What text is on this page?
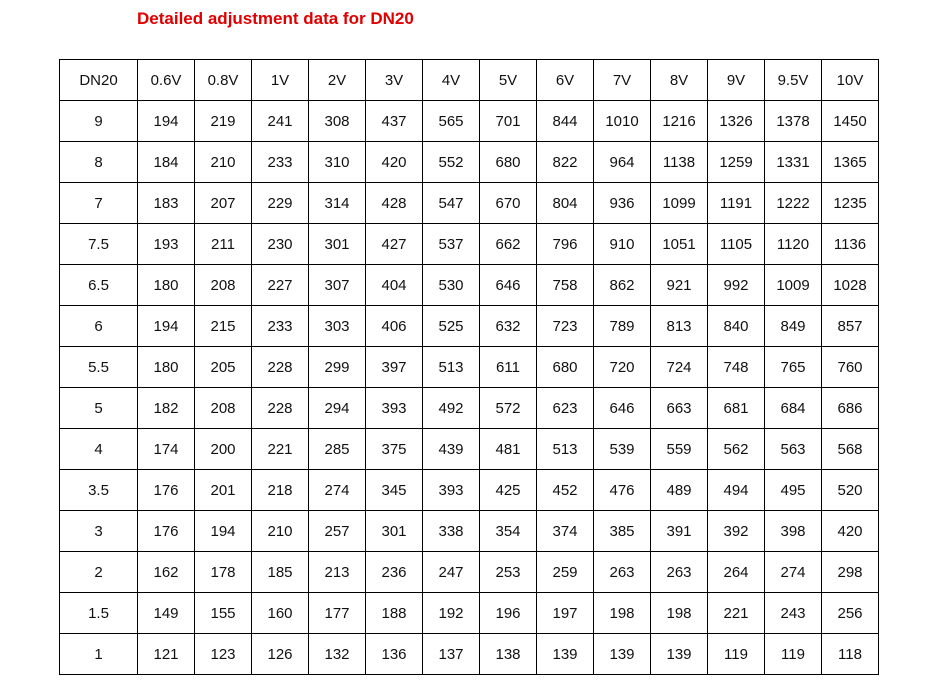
Detailed adjustment data for DN20
DN20	0.6V	0.8V	1V	2V	3V	4V	5V	6V	7V	8V	9V	9.5V	10V
9	194	219	241	308	437	565	701	844	1010	1216	1326	1378	1450
8	184	210	233	310	420	552	680	822	964	1138	1259	1331	1365
7	183	207	229	314	428	547	670	804	936	1099	1191	1222	1235
7.5	193	211	230	301	427	537	662	796	910	1051	1105	1120	1136
6.5	180	208	227	307	404	530	646	758	862	921	992	1009	1028
6	194	215	233	303	406	525	632	723	789	813	840	849	857
5.5	180	205	228	299	397	513	611	680	720	724	748	765	760
5	182	208	228	294	393	492	572	623	646	663	681	684	686
4	174	200	221	285	375	439	481	513	539	559	562	563	568
3.5	176	201	218	274	345	393	425	452	476	489	494	495	520
3	176	194	210	257	301	338	354	374	385	391	392	398	420
2	162	178	185	213	236	247	253	259	263	263	264	274	298
1.5	149	155	160	177	188	192	196	197	198	198	221	243	256
1	121	123	126	132	136	137	138	139	139	139	119	119	118
